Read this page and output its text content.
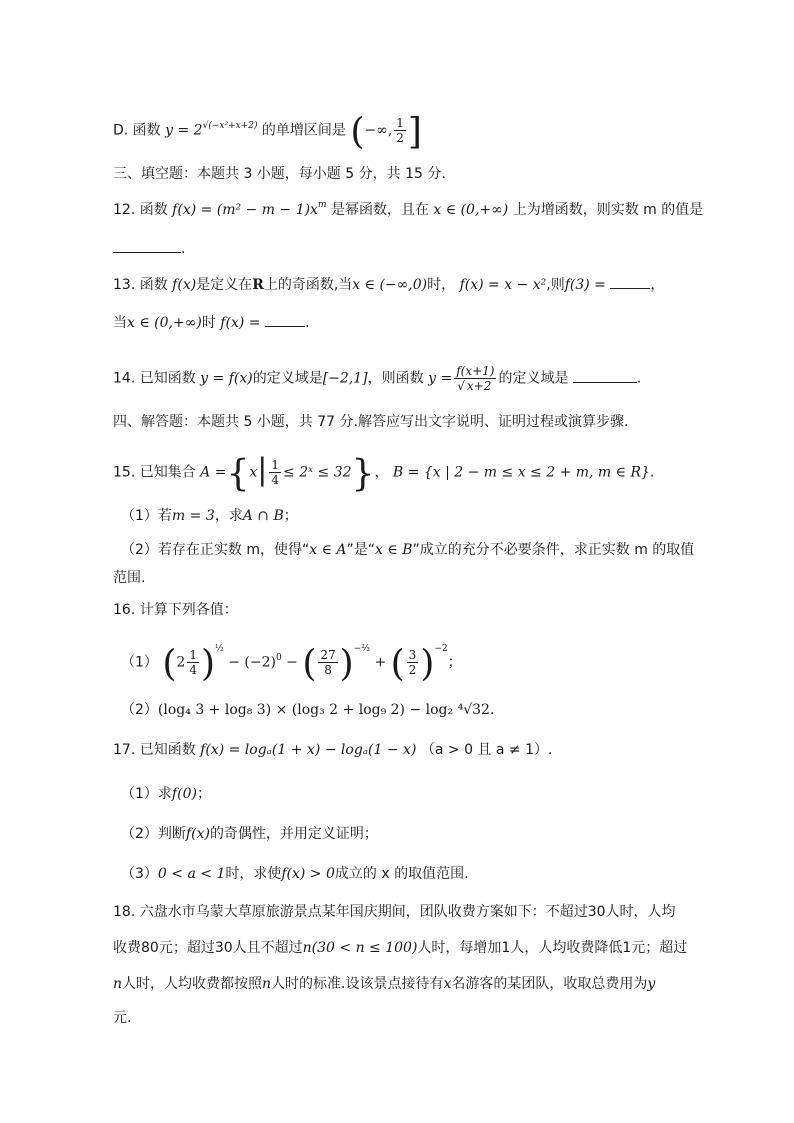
D. 函数 $y = 2^{√(-x^2+x+2)}$ 的单增区间是 (−∞, $\frac{1}{2}$ ]
三、填空题：本题共 3 小题，每小题 5 分，共 15 分.
12. 函数 $f(x) = (m^2 - m - 1)x^m$ 是幂函数，且在 x ∈ (0,+∞) 上为增函数，则实数 m 的值是
.
13. 函数 f(x)是定义在R上的奇函数,当x ∈ (−∞,0)时， f(x) = x − x²,则f(3) =	，
当x ∈ (0,+∞)时 f(x) =	.
14. 已知函数 y = f(x)的定义域是[−2,1]，则函数 $y = \frac{f(x+1)}{√ x+2}$ 的定义域是	.
四、解答题：本题共 5 小题，共 77 分.解答应写出文字说明、证明过程或演算步骤.
15. 已知集合 $A =\{x| \frac{1}{4}$ ≤ 2ˣ ≤ 32}， B = {x | 2 − m ≤ x ≤ 2 + m, m ∈ R}.
（1）若m = 3，求A ∩ B；
（2）若存在正实数 m，使得“x ∈ A”是“x ∈ B”成立的充分不必要条件，求正实数 m 的取值
范围.
16. 计算下列各值：
（1） $(2 \frac{1}{4} )^{\frac{1}{2}} - (-2)^0$ − ( $\frac{27}{8} )^{-\frac{2}{3}}$ + ( $\frac{3}{2} )^{-2}$；
（2）(log₄ 3 + log₈ 3) × (log₃ 2 + log₉ 2) − log₂ ⁴√32.
17. 已知函数 f(x) = logₐ(1 + x) − logₐ(1 − x) （a > 0 且 a ≠ 1）.
（1）求f(0)；
（2）判断f(x)的奇偶性，并用定义证明；
（3）0 < a < 1时，求使f(x) > 0成立的 x 的取值范围.
18. 六盘水市乌蒙大草原旅游景点某年国庆期间，团队收费方案如下：不超过30人时，人均
收费80元；超过30人且不超过n(30 < n ≤ 100)人时，每增加1人，人均收费降低1元；超过
n人时，人均收费都按照n人时的标准.设该景点接待有x名游客的某团队，收取总费用为y
元.
